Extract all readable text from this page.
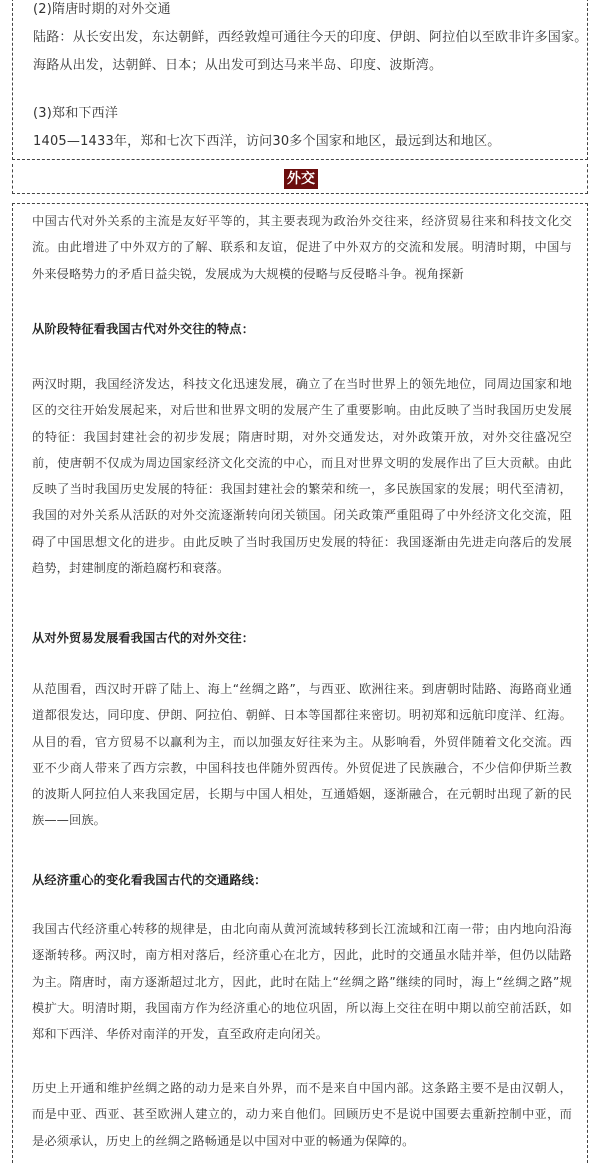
(2)隋唐时期的对外交通

陆路：从长安出发，东达朝鲜，西经敦煌可通往今天的印度、伊朗、阿拉伯以至欧非许多国家。

海路从出发，达朝鲜、日本；从出发可到达马来半岛、印度、波斯湾。

(3)郑和下西洋

1405—1433年，郑和七次下西洋，访问30多个国家和地区，最远到达和地区。

外交

中国古代对外关系的主流是友好平等的，其主要表现为政治外交往来，经济贸易往来和科技文化交流。由此增进了中外双方的了解、联系和友谊，促进了中外双方的交流和发展。明清时期，中国与外来侵略势力的矛盾日益尖锐，发展成为大规模的侵略与反侵略斗争。视角探新

从阶段特征看我国古代对外交往的特点：

两汉时期，我国经济发达，科技文化迅速发展，确立了在当时世界上的领先地位，同周边国家和地区的交往开始发展起来，对后世和世界文明的发展产生了重要影响。由此反映了当时我国历史发展的特征：我国封建社会的初步发展；隋唐时期，对外交通发达，对外政策开放，对外交往盛况空前，使唐朝不仅成为周边国家经济文化交流的中心，而且对世界文明的发展作出了巨大贡献。由此反映了当时我国历史发展的特征：我国封建社会的繁荣和统一，多民族国家的发展；明代至清初，我国的对外关系从活跃的对外交流逐渐转向闭关锁国。闭关政策严重阻碍了中外经济文化交流，阻碍了中国思想文化的进步。由此反映了当时我国历史发展的特征：我国逐渐由先进走向落后的发展趋势，封建制度的渐趋腐朽和衰落。

从对外贸易发展看我国古代的对外交往：

从范围看，西汉时开辟了陆上、海上“丝绸之路”，与西亚、欧洲往来。到唐朝时陆路、海路商业通道都很发达，同印度、伊朗、阿拉伯、朝鲜、日本等国都往来密切。明初郑和远航印度洋、红海。从目的看，官方贸易不以赢利为主，而以加强友好往来为主。从影响看，外贸伴随着文化交流。西亚不少商人带来了西方宗教，中国科技也伴随外贸西传。外贸促进了民族融合，不少信仰伊斯兰教的波斯人阿拉伯人来我国定居，长期与中国人相处，互通婚姻，逐渐融合，在元朝时出现了新的民族——回族。

从经济重心的变化看我国古代的交通路线：

我国古代经济重心转移的规律是，由北向南从黄河流域转移到长江流域和江南一带；由内地向沿海逐渐转移。两汉时，南方相对落后，经济重心在北方，因此，此时的交通虽水陆并举，但仍以陆路为主。隋唐时，南方逐渐超过北方，因此，此时在陆上“丝绸之路”继续的同时，海上“丝绸之路”规模扩大。明清时期，我国南方作为经济重心的地位巩固，所以海上交往在明中期以前空前活跃，如郑和下西洋、华侨对南洋的开发，直至政府走向闭关。

历史上开通和维护丝绸之路的动力是来自外界，而不是来自中国内部。这条路主要不是由汉朝人，而是中亚、西亚、甚至欧洲人建立的，动力来自他们。回顾历史不是说中国要去重新控制中亚，而是必须承认，历史上的丝绸之路畅通是以中国对中亚的畅通为保障的。
